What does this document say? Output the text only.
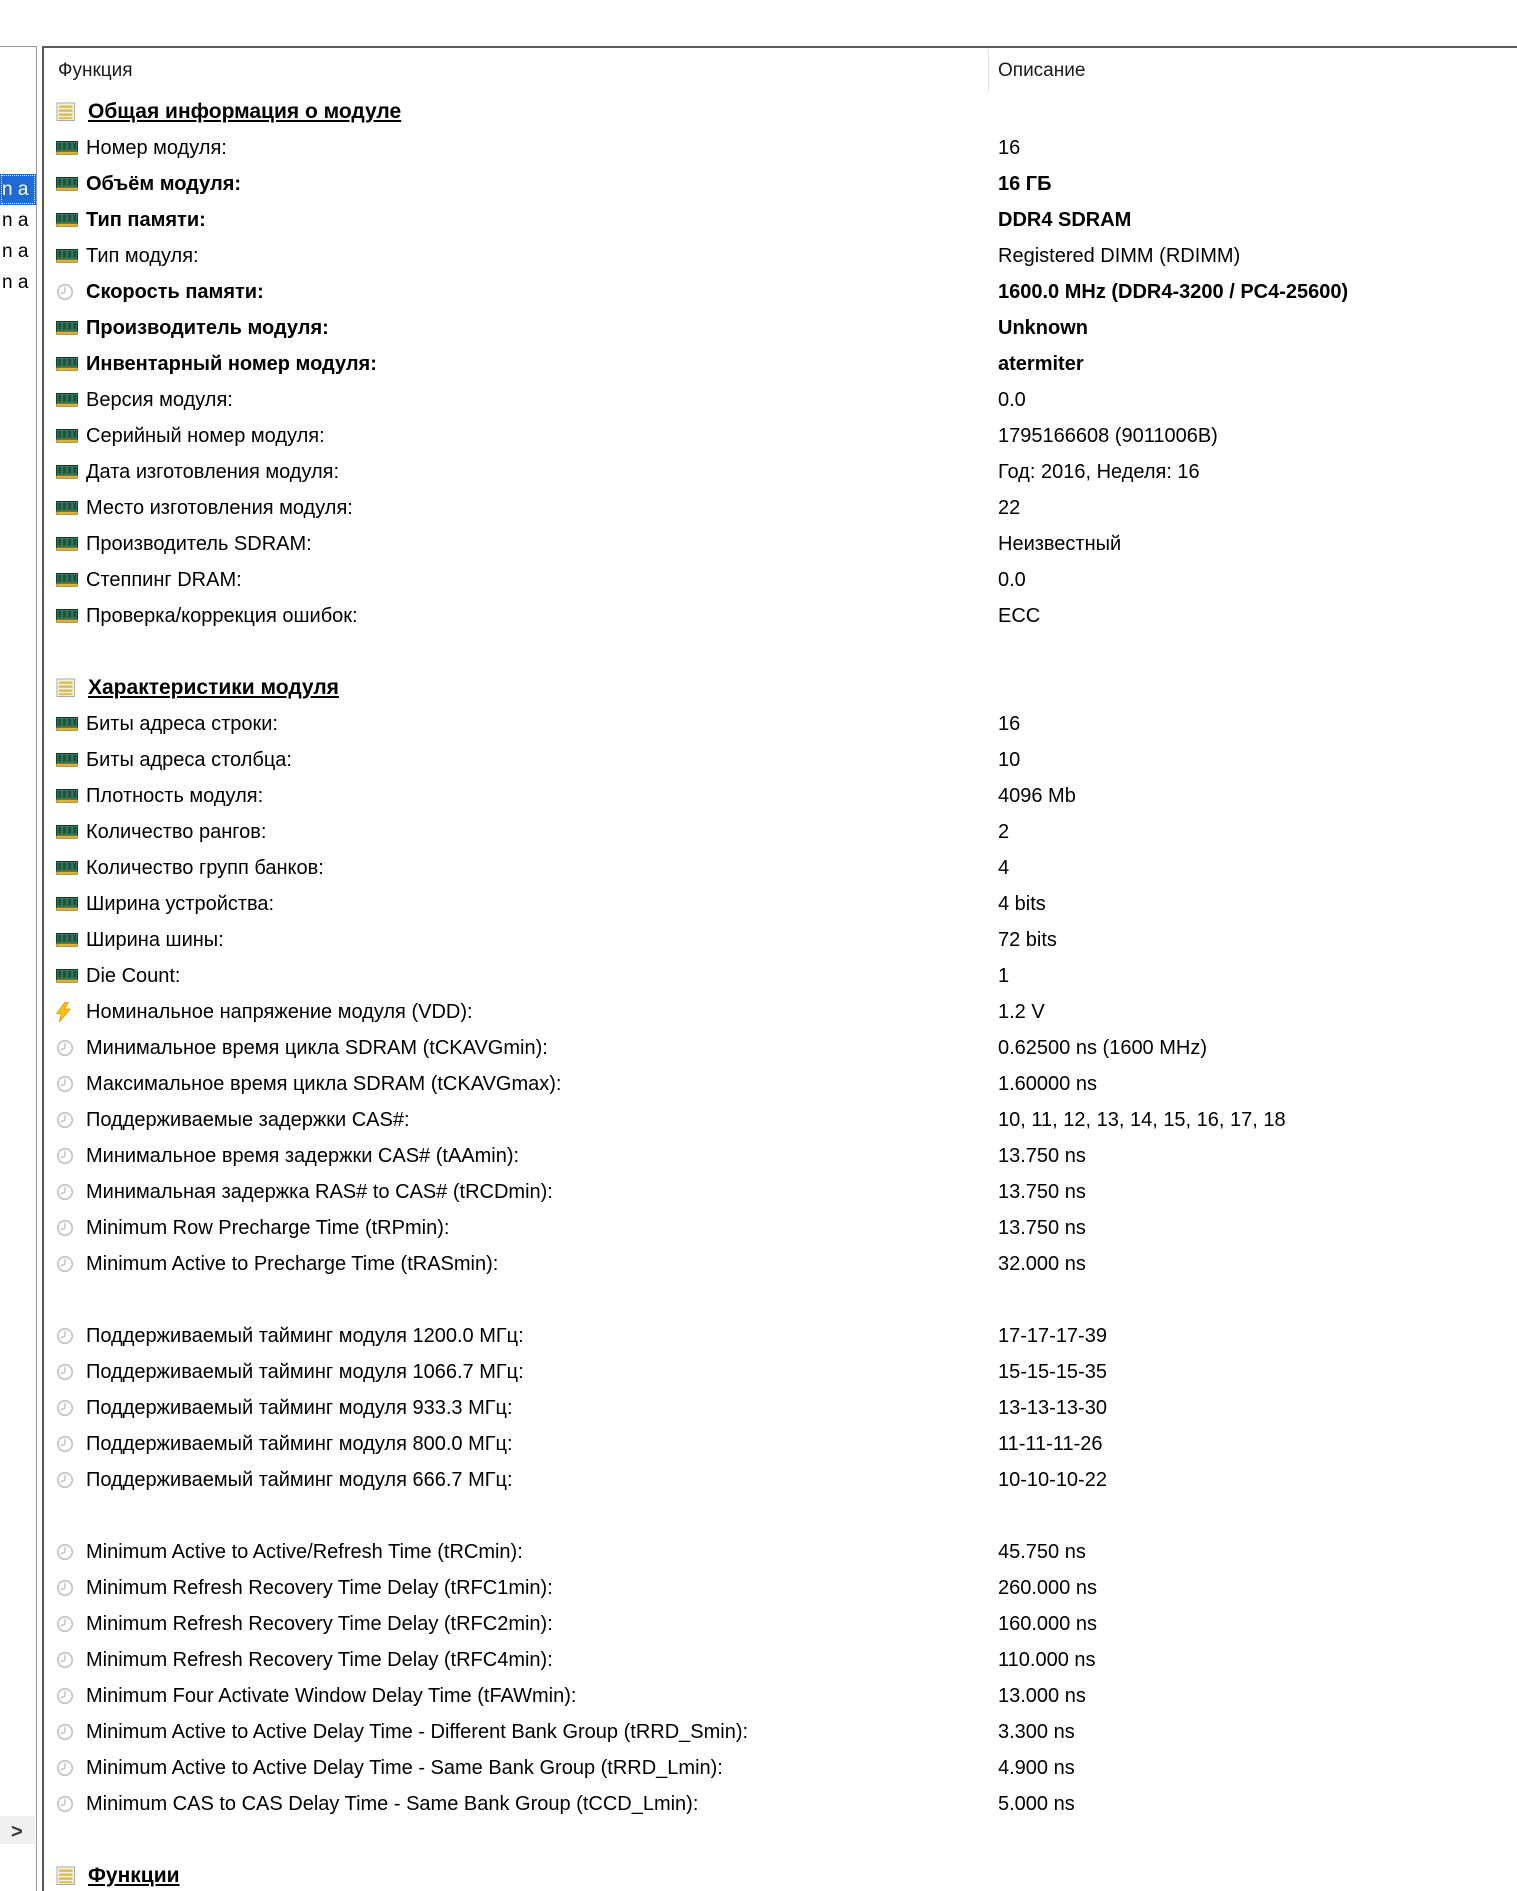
n a
n a
n a
n a
>
Функция	Описание
Общая информация о модуле
Номер модуля:	16
Объём модуля:	16 ГБ
Тип памяти:	DDR4 SDRAM
Тип модуля:	Registered DIMM (RDIMM)
Скорость памяти:	1600.0 MHz (DDR4-3200 / PC4-25600)
Производитель модуля:	Unknown
Инвентарный номер модуля:	atermiter
Версия модуля:	0.0
Серийный номер модуля:	1795166608 (9011006B)
Дата изготовления модуля:	Год: 2016, Неделя: 16
Место изготовления модуля:	22
Производитель SDRAM:	Неизвестный
Степпинг DRAM:	0.0
Проверка/коррекция ошибок:	ECC
Характеристики модуля
Биты адреса строки:	16
Биты адреса столбца:	10
Плотность модуля:	4096 Mb
Количество рангов:	2
Количество групп банков:	4
Ширина устройства:	4 bits
Ширина шины:	72 bits
Die Count:	1
Номинальное напряжение модуля (VDD):	1.2 V
Минимальное время цикла SDRAM (tCKAVGmin):	0.62500 ns (1600 MHz)
Максимальное время цикла SDRAM (tCKAVGmax):	1.60000 ns
Поддерживаемые задержки CAS#:	10, 11, 12, 13, 14, 15, 16, 17, 18
Минимальное время задержки CAS# (tAAmin):	13.750 ns
Минимальная задержка RAS# to CAS# (tRCDmin):	13.750 ns
Minimum Row Precharge Time (tRPmin):	13.750 ns
Minimum Active to Precharge Time (tRASmin):	32.000 ns
Поддерживаемый тайминг модуля 1200.0 МГц:	17-17-17-39
Поддерживаемый тайминг модуля 1066.7 МГц:	15-15-15-35
Поддерживаемый тайминг модуля 933.3 МГц:	13-13-13-30
Поддерживаемый тайминг модуля 800.0 МГц:	11-11-11-26
Поддерживаемый тайминг модуля 666.7 МГц:	10-10-10-22
Minimum Active to Active/Refresh Time (tRCmin):	45.750 ns
Minimum Refresh Recovery Time Delay (tRFC1min):	260.000 ns
Minimum Refresh Recovery Time Delay (tRFC2min):	160.000 ns
Minimum Refresh Recovery Time Delay (tRFC4min):	110.000 ns
Minimum Four Activate Window Delay Time (tFAWmin):	13.000 ns
Minimum Active to Active Delay Time - Different Bank Group (tRRD_Smin):	3.300 ns
Minimum Active to Active Delay Time - Same Bank Group (tRRD_Lmin):	4.900 ns
Minimum CAS to CAS Delay Time - Same Bank Group (tCCD_Lmin):	5.000 ns
Функции
